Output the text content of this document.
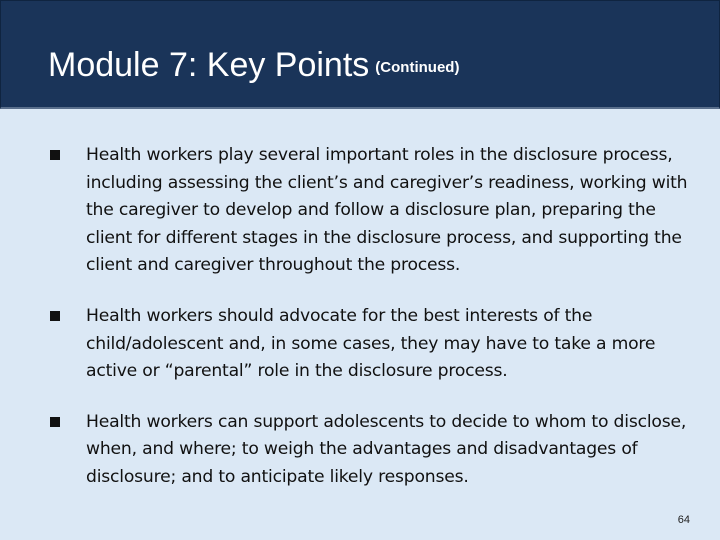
Module 7: Key Points (Continued)
Health workers play several important roles in the disclosure process, including assessing the client’s and caregiver’s readiness, working with the caregiver to develop and follow a disclosure plan, preparing the client for different stages in the disclosure process, and supporting the client and caregiver throughout the process.
Health workers should advocate for the best interests of the child/adolescent and, in some cases, they may have to take a more active or “parental” role in the disclosure process.
Health workers can support adolescents to decide to whom to disclose, when, and where; to weigh the advantages and disadvantages of disclosure; and to anticipate likely responses.
64
